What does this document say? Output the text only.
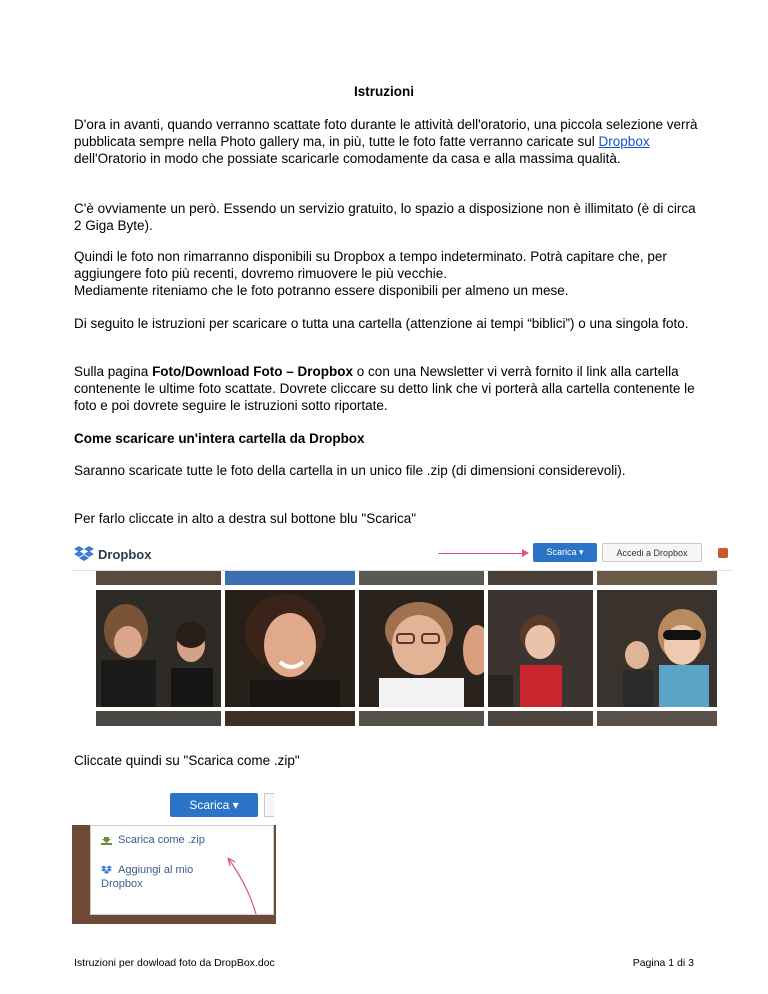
Istruzioni

D'ora in avanti, quando verranno scattate foto durante le attività dell'oratorio, una piccola selezione verrà pubblicata sempre nella Photo gallery ma, in più, tutte le foto fatte verranno caricate sul Dropbox dell'Oratorio in modo che possiate scaricarle comodamente da casa e alla massima qualità.

C'è ovviamente un però. Essendo un servizio gratuito, lo spazio a disposizione non è illimitato (è di circa 2 Giga Byte).

Quindi le foto non rimarranno disponibili su Dropbox a tempo indeterminato. Potrà capitare che, per aggiungere foto più recenti, dovremo rimuovere le più vecchie.
Mediamente riteniamo che le foto potranno essere disponibili per almeno un mese.

Di seguito le istruzioni per scaricare o tutta una cartella (attenzione ai tempi “biblici”) o una singola foto.

Sulla pagina Foto/Download Foto – Dropbox o con una Newsletter vi verrà fornito il link alla cartella contenente le ultime foto scattate. Dovrete cliccare su detto link che vi porterà alla cartella contenente le foto e poi dovrete seguire le istruzioni sotto riportate.

Come scaricare un'intera cartella da Dropbox

Saranno scaricate tutte le foto della cartella in un unico file .zip (di dimensioni considerevoli).

Per farlo cliccate in alto a destra sul bottone blu "Scarica"

Dropbox	Scarica ▾	Accedi a Dropbox

Cliccate quindi su "Scarica come .zip"

Scarica ▾
Scarica come .zip
Aggiungi al mio
Dropbox
Istruzioni per dowload foto da DropBox.doc	Pagina 1 di 3
